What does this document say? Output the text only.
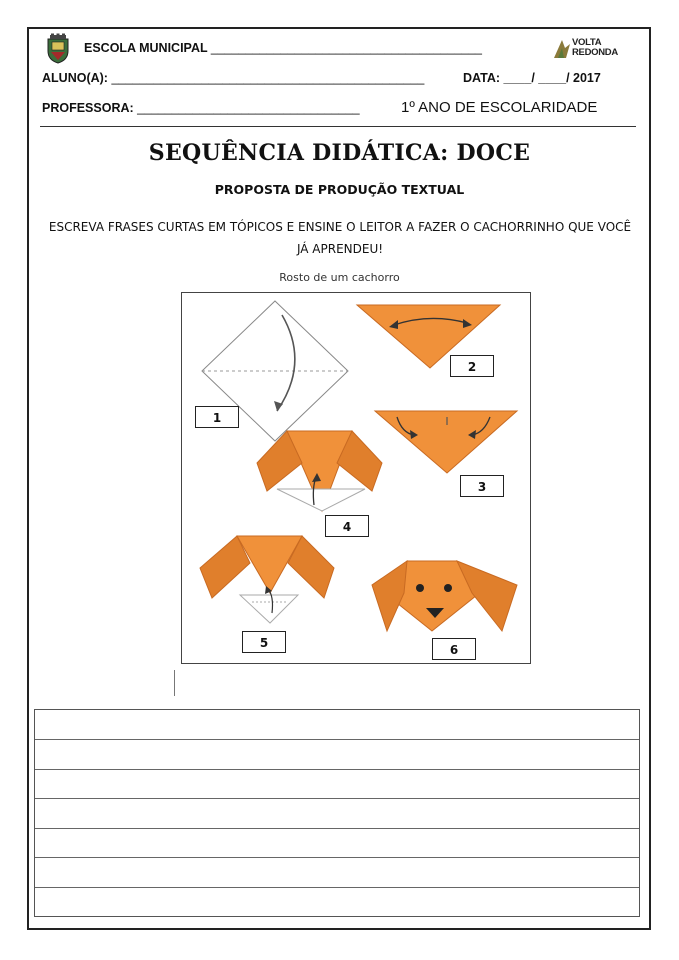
ESCOLA MUNICIPAL _______________________________________	VOLTA
REDONDA
ALUNO(A): _____________________________________________	DATA: ____/ ____/ 2017
PROFESSORA: ________________________________	1º ANO DE ESCOLARIDADE
SEQUÊNCIA DIDÁTICA: DOCE
PROPOSTA DE PRODUÇÃO TEXTUAL
ESCREVA FRASES CURTAS EM TÓPICOS E ENSINE O LEITOR A FAZER O CACHORRINHO QUE VOCÊ JÁ APRENDEU!
Rosto de um cachorro
1
2
3
4
5	6
